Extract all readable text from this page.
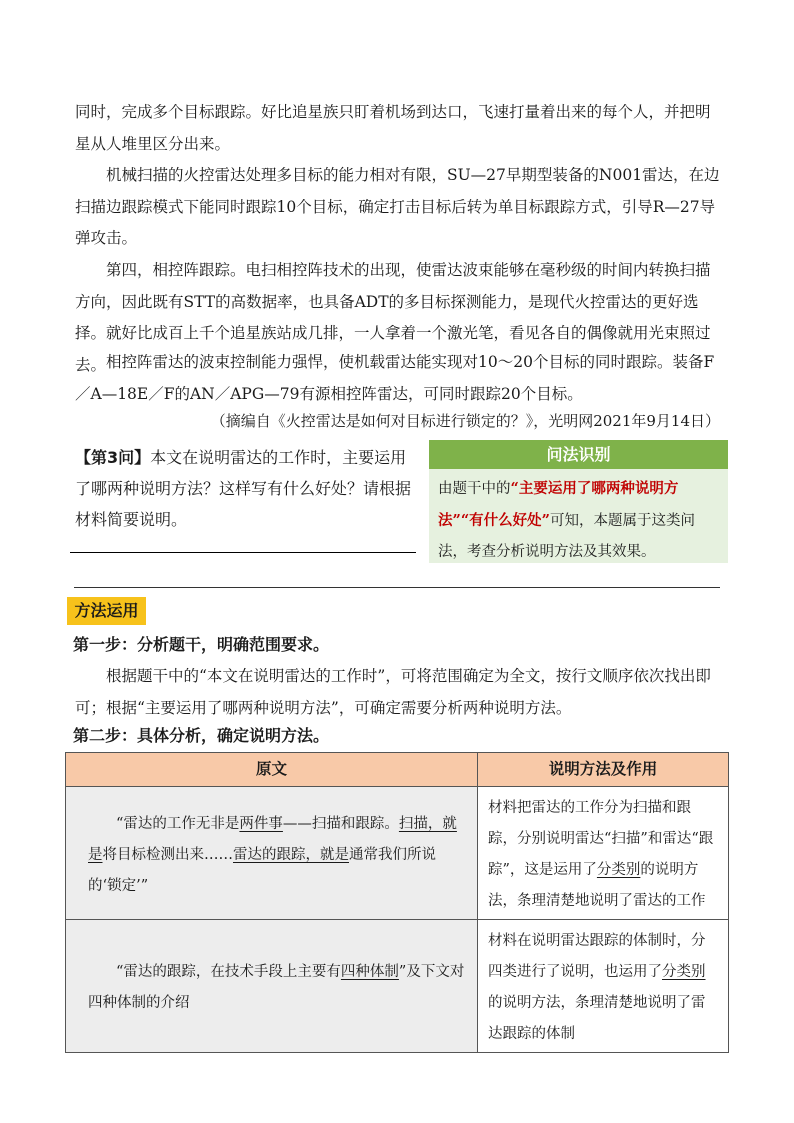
同时，完成多个目标跟踪。好比追星族只盯着机场到达口，飞速打量着出来的每个人，并把明星从人堆里区分出来。

机械扫描的火控雷达处理多目标的能力相对有限，SU—27早期型装备的N001雷达，在边扫描边跟踪模式下能同时跟踪10个目标，确定打击目标后转为单目标跟踪方式，引导R—27导弹攻击。

第四，相控阵跟踪。电扫相控阵技术的出现，使雷达波束能够在毫秒级的时间内转换扫描方向，因此既有STT的高数据率，也具备ADT的多目标探测能力，是现代火控雷达的更好选择。就好比成百上千个追星族站成几排，一人拿着一个激光笔，看见各自的偶像就用光束照过去。 相控阵雷达的波束控制能力强悍，使机载雷达能实现对10～20个目标的同时跟踪。装备F／A—18E／F的AN／APG—79有源相控阵雷达，可同时跟踪20个目标。

（摘编自《火控雷达是如何对目标进行锁定的？》，光明网2021年9月14日）

【第3问】本文在说明雷达的工作时，主要运用了哪两种说明方法？这样写有什么好处？请根据材料简要说明。

问法识别
由题干中的“主要运用了哪两种说明方法”“有什么好处”可知，本题属于这类问法，考查分析说明方法及其效果。
方法运用

第一步：分析题干，明确范围要求。

根据题干中的“本文在说明雷达的工作时”，可将范围确定为全文，按行文顺序依次找出即可；根据“主要运用了哪两种说明方法”，可确定需要分析两种说明方法。

第二步：具体分析，确定说明方法。

原文	说明方法及作用
“雷达的工作无非是两件事——扫描和跟踪。扫描，就是将目标检测出来……雷达的跟踪，就是通常我们所说的‘锁定’”	材料把雷达的工作分为扫描和跟踪，分别说明雷达“扫描”和雷达“跟踪”，这是运用了分类别的说明方法，条理清楚地说明了雷达的工作
“雷达的跟踪，在技术手段上主要有四种体制”及下文对四种体制的介绍	材料在说明雷达跟踪的体制时，分四类进行了说明，也运用了分类别的说明方法，条理清楚地说明了雷达跟踪的体制
